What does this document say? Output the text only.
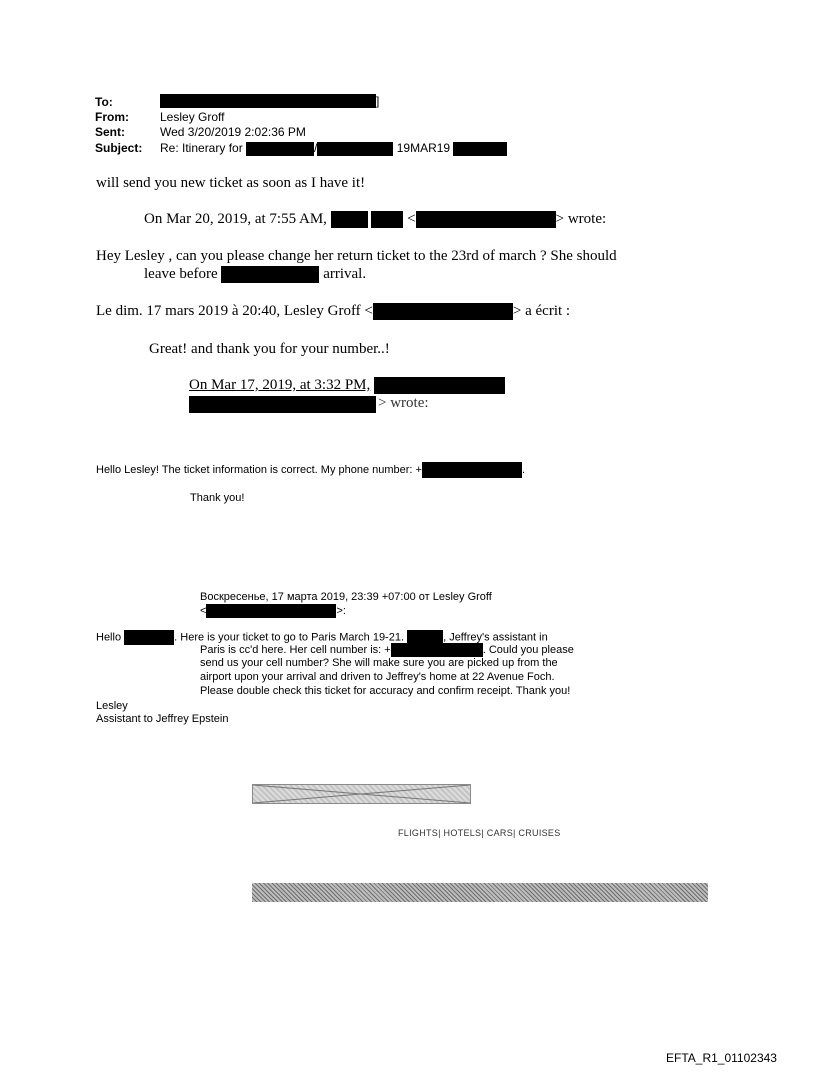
To:	]
From:	Lesley Groff
Sent:	Wed 3/20/2019 2:02:36 PM
Subject: Re: Itinerary for	/	19MAR19
will send you new ticket as soon as I have it!
On Mar 20, 2019, at 7:55 AM,	<	> wrote:
Hey Lesley , can you please change her return ticket to the 23rd of march ? She should
leave before	arrival.
Le dim. 17 mars 2019 à 20:40, Lesley Groff <	> a écrit :
Great! and thank you for your number..!
On Mar 17, 2019, at 3:32 PM,
> wrote:
Hello Lesley! The ticket information is correct. My phone number: +	.
Thank you!
Воскресенье, 17 марта 2019, 23:39 +07:00 от Lesley Groff
<	>:
Hello	. Here is your ticket to go to Paris March 19-21.	, Jeffrey's assistant in
Paris is cc'd here. Her cell number is: +	. Could you please
send us your cell number? She will make sure you are picked up from the
airport upon your arrival and driven to Jeffrey's home at 22 Avenue Foch.
Please double check this ticket for accuracy and confirm receipt. Thank you!
Lesley
Assistant to Jeffrey Epstein
FLIGHTS| HOTELS| CARS| CRUISES
EFTA_R1_01102343
